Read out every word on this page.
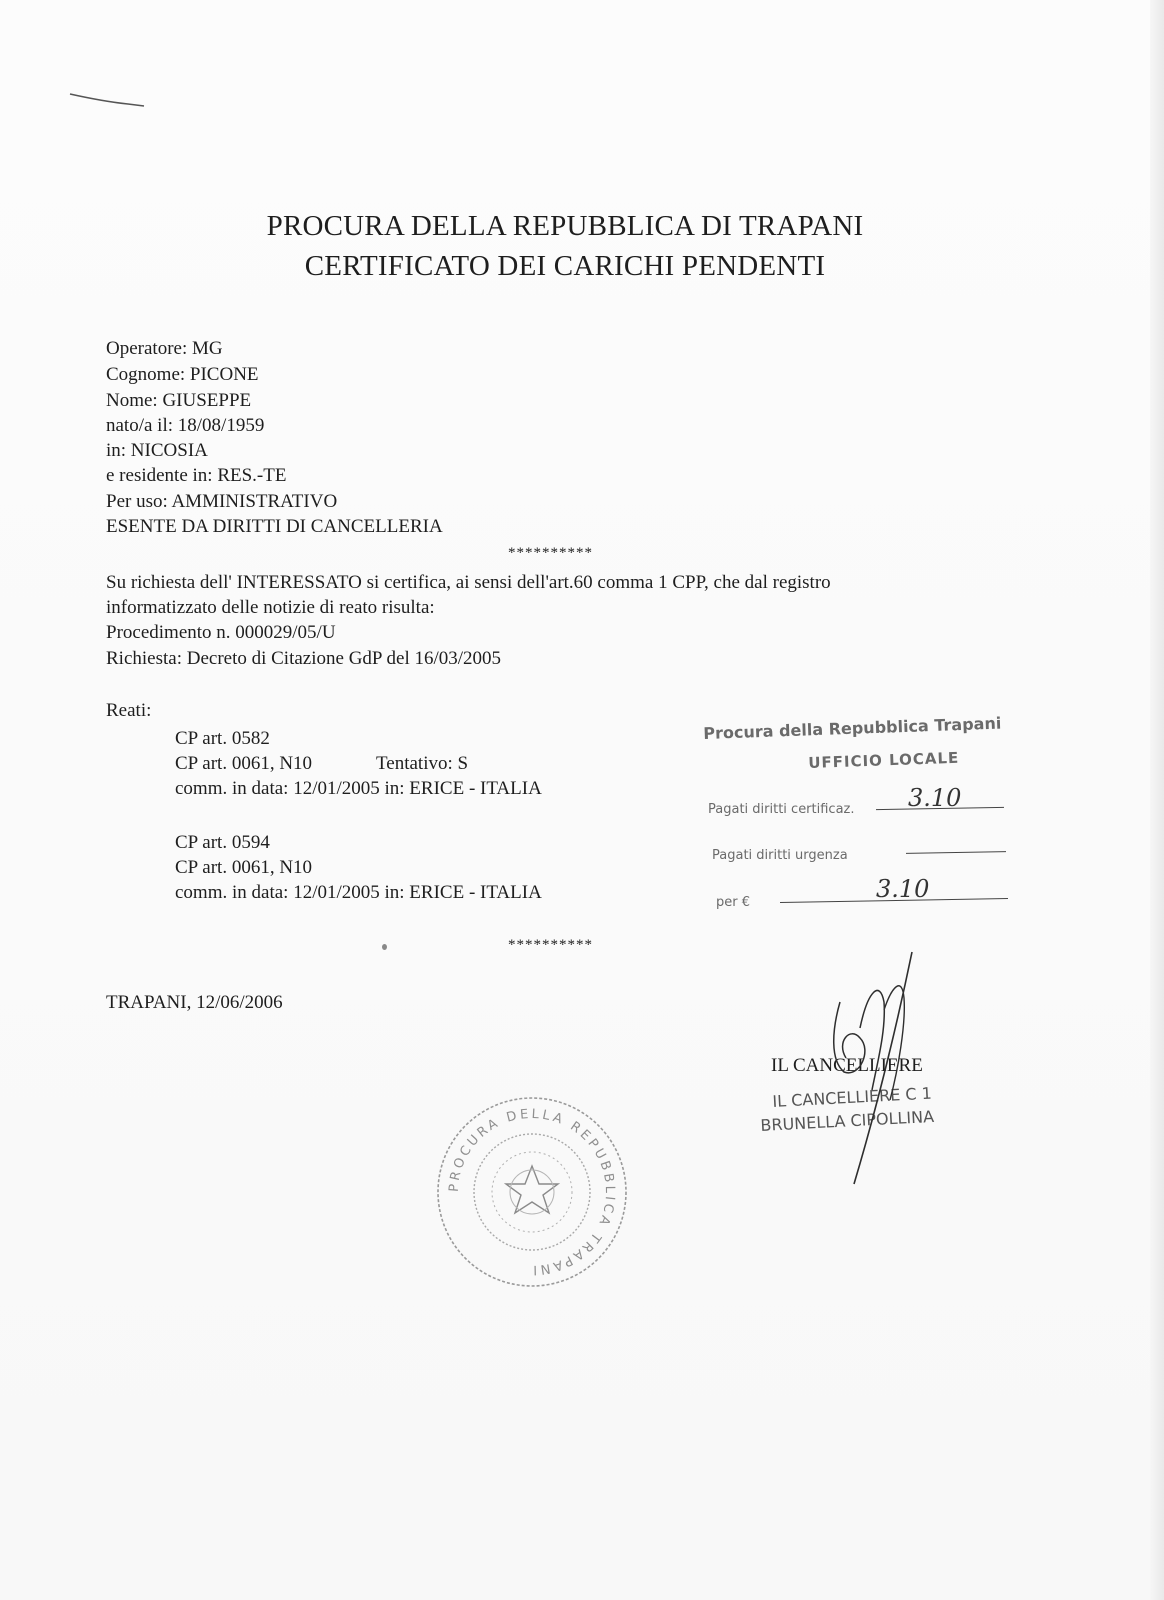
PROCURA DELLA REPUBBLICA DI TRAPANI
CERTIFICATO DEI CARICHI PENDENTI
Operatore: MG
Cognome: PICONE
Nome: GIUSEPPE
nato/a il: 18/08/1959
in: NICOSIA
e residente in: RES.-TE
Per uso: AMMINISTRATIVO
ESENTE DA DIRITTI DI CANCELLERIA
**********
Su richiesta dell' INTERESSATO si certifica, ai sensi dell'art.60 comma 1 CPP, che dal registro
informatizzato delle notizie di reato risulta:
Procedimento n. 000029/05/U
Richiesta: Decreto di Citazione GdP del 16/03/2005
Reati:
CP art. 0582
CP art. 0061, N10	Tentativo: S
comm. in data: 12/01/2005 in: ERICE - ITALIA
CP art. 0594
CP art. 0061, N10
comm. in data: 12/01/2005 in: ERICE - ITALIA
**********
TRAPANI, 12/06/2006
Procura della Repubblica Trapani
UFFICIO LOCALE
Pagati diritti certificaz. 3.10
Pagati diritti urgenza
per €	3.10
IL CANCELLIERE
IL CANCELLIERE C 1
BRUNELLA CIPOLLINA
PROCURA DELLA REPUBBLICA TRAPANI
